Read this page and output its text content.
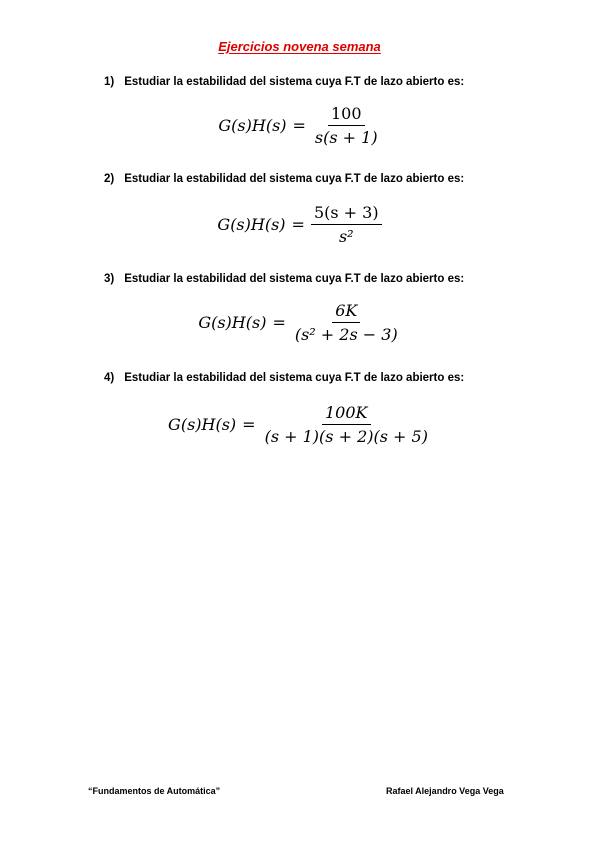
Ejercicios novena semana
1) Estudiar la estabilidad del sistema cuya F.T de lazo abierto es:
$G(s)H(s) = \frac{100}{s(s + 1)}$
2) Estudiar la estabilidad del sistema cuya F.T de lazo abierto es:
$G(s)H(s) = \frac{5(s + 3)}{\text{s²}}$
3) Estudiar la estabilidad del sistema cuya F.T de lazo abierto es:
$G(s)H(s) = \frac{6K}{\text{(s² + 2s − 3)}}$
4) Estudiar la estabilidad del sistema cuya F.T de lazo abierto es:
$G(s)H(s) = \frac{100K}{(s + 1)(s + 2)(s + 5)}$
“Fundamentos de Automática”	Rafael Alejandro Vega Vega
